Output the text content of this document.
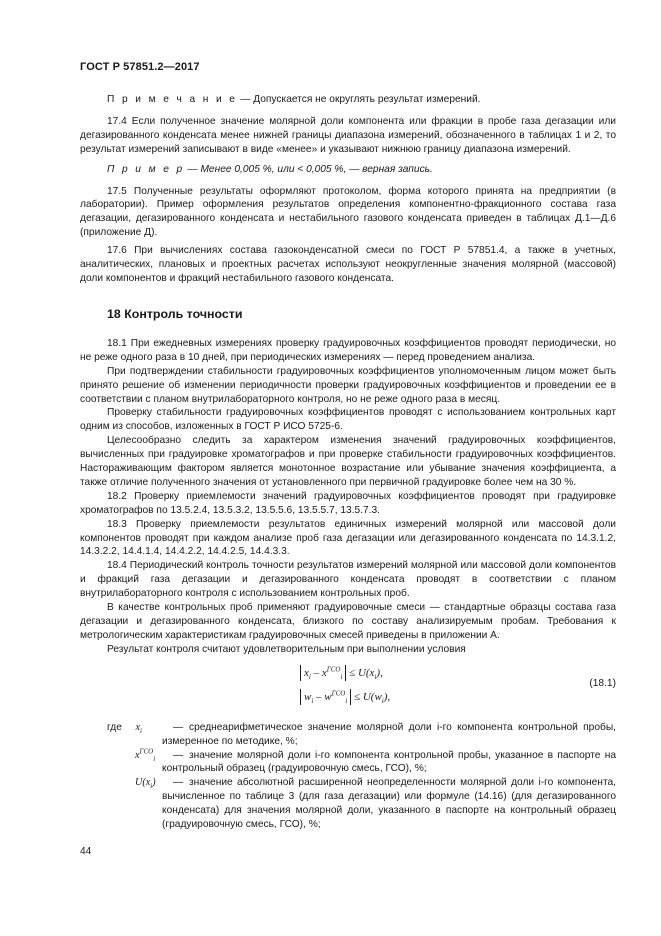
ГОСТ Р 57851.2—2017

П р и м е ч а н и е — Допускается не округлять результат измерений.

17.4 Если полученное значение молярной доли компонента или фракции в пробе газа дегазации или дегазированного конденсата менее нижней границы диапазона измерений, обозначенного в таблицах 1 и 2, то результат измерений записывают в виде «менее» и указывают нижнюю границу диапазона измерений.

П р и м е р — Менее 0,005 %, или < 0,005 %, — верная запись.

17.5 Полученные результаты оформляют протоколом, форма которого принята на предприятии (в лаборатории). Пример оформления результатов определения компонентно-фракционного состава газа дегазации, дегазированного конденсата и нестабильного газового конденсата приведен в таблицах Д.1—Д.6 (приложение Д).

17.6 При вычислениях состава газоконденсатной смеси по ГОСТ Р 57851.4, а также в учетных, аналитических, плановых и проектных расчетах используют неокругленные значения молярной (массовой) доли компонентов и фракций нестабильного газового конденсата.

18 Контроль точности

18.1 При ежедневных измерениях проверку градуировочных коэффициентов проводят периодически, но не реже одного раза в 10 дней, при периодических измерениях — перед проведением анализа.

При подтверждении стабильности градуировочных коэффициентов уполномоченным лицом может быть принято решение об изменении периодичности проверки градуировочных коэффициентов и проведении ее в соответствии с планом внутрилабораторного контроля, но не реже одного раза в месяц.

Проверку стабильности градуировочных коэффициентов проводят с использованием контрольных карт одним из способов, изложенных в ГОСТ Р ИСО 5725-6.

Целесообразно следить за характером изменения значений градуировочных коэффициентов, вычисленных при градуировке хроматографов и при проверке стабильности градуировочных коэффициентов. Настораживающим фактором является монотонное возрастание или убывание значения коэффициента, а также отличие полученного значения от установленного при первичной градуировке более чем на 30 %.

18.2 Проверку приемлемости значений градуировочных коэффициентов проводят при градуировке хроматографов по 13.5.2.4, 13.5.3.2, 13.5.5.6, 13.5.5.7, 13.5.7.3.

18.3 Проверку приемлемости результатов единичных измерений молярной или массовой доли компонентов проводят при каждом анализе проб газа дегазации или дегазированного конденсата по 14.3.1.2, 14.3.2.2, 14.4.1.4, 14.4.2.2, 14.4.2.5, 14.4.3.3.

18.4 Периодический контроль точности результатов измерений молярной или массовой доли компонентов и фракций газа дегазации и дегазированного конденсата проводят в соответствии с планом внутрилабораторного контроля с использованием контрольных проб.

В качестве контрольных проб применяют градуировочные смеси — стандартные образцы состава газа дегазации и дегазированного конденсата, близкого по составу анализируемым пробам. Требования к метрологическим характеристикам градуировочных смесей приведены в приложении А.

Результат контроля считают удовлетворительным при выполнении условия

$x_i - x^{ГСО}_i \le U(x_i)$,
$w_i - w^{ГСО}_i \le U(w_i)$,
(18.1)

где	$x_i$	— среднеарифметическое значение молярной доли i-го компонента контрольной пробы, измеренное по методике, %;

$x^{ГСО}_i$	— значение молярной доли i-го компонента контрольной пробы, указанное в паспорте на контрольный образец (градуировочную смесь, ГСО), %;

$U(x_i)$	— значение абсолютной расширенной неопределенности молярной доли i-го компонента, вычисленное по таблице 3 (для газа дегазации) или формуле (14.16) (для дегазированного конденсата) для значения молярной доли, указанного в паспорте на контрольный образец (градуировочную смесь, ГСО), %;

44
